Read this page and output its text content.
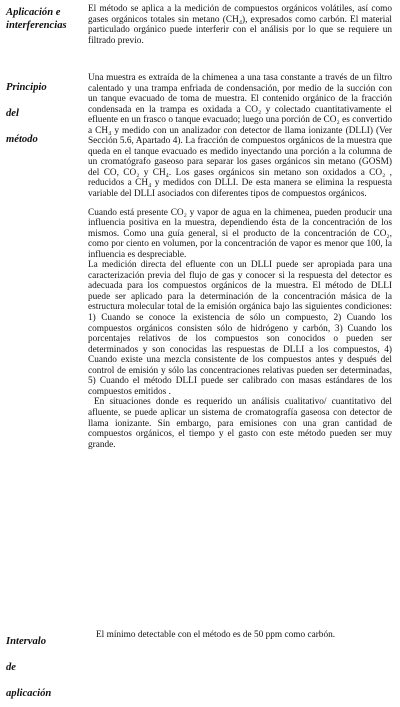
Aplicación e
interferencias

El método se aplica a la medición de compuestos orgánicos volátiles, así como gases orgánicos totales sin metano (CH₄), expresados como carbón. El material particulado orgánico puede interferir con el análisis por lo que se requiere un filtrado previo.

Principio
del
método

Una muestra es extraída de la chimenea a una tasa constante a través de un filtro calentado y una trampa enfriada de condensación, por medio de la succión con un tanque evacuado de toma de muestra. El contenido orgánico de la fracción condensada en la trampa es oxidada a CO₂ y colectado cuantitativamente el efluente en un frasco o tanque evacuado; luego una porción de CO₂ es convertido a CH₄ y medido con un analizador con detector de llama ionizante (DLLI) (Ver Sección 5.6, Apartado 4). La fracción de compuestos orgánicos de la muestra que queda en el tanque evacuado es medido inyectando una porción a la columna de un cromatógrafo gaseoso para separar los gases orgánicos sin metano (GOSM) del CO, CO₂ y CH₄. Los gases orgánicos sin metano son oxidados a CO₂ , reducidos a CH₄ y medidos con DLLI. De esta manera se elimina la respuesta variable del DLLI asociados con diferentes tipos de compuestos orgánicos.

Cuando está presente CO₂ y vapor de agua en la chimenea, pueden producir una influencia positiva en la muestra, dependiendo ésta de la concentración de los mismos. Como una guía general, si el producto de la concentración de CO₂, como por ciento en volumen, por la concentración de vapor es menor que 100, la influencia es despreciable.

La medición directa del efluente con un DLLI puede ser apropiada para una caracterización previa del flujo de gas y conocer si la respuesta del detector es adecuada para los compuestos orgánicos de la muestra. El método de DLLI puede ser aplicado para la determinación de la concentración másica de la estructura molecular total de la emisión orgánica bajo las siguientes condiciones: 1) Cuando se conoce la existencia de sólo un compuesto, 2) Cuando los compuestos orgánicos consisten sólo de hidrógeno y carbón, 3) Cuando los porcentajes relativos de los compuestos son conocidos o pueden ser determinados y son conocidas las respuestas de DLLI a los compuestos, 4) Cuando existe una mezcla consistente de los compuestos antes y después del control de emisión y sólo las concentraciones relativas pueden ser determinadas, 5) Cuando el método DLLI puede ser calibrado con masas estándares de los compuestos emitidos .

En situaciones donde es requerido un análisis cualitativo/ cuantitativo del afluente, se puede aplicar un sistema de cromatografía gaseosa con detector de llama ionizante. Sin embargo, para emisiones con una gran cantidad de compuestos orgánicos, el tiempo y el gasto con este método pueden ser muy grande.

Intervalo
de
aplicación

El mínimo detectable con el método es de 50 ppm como carbón.
